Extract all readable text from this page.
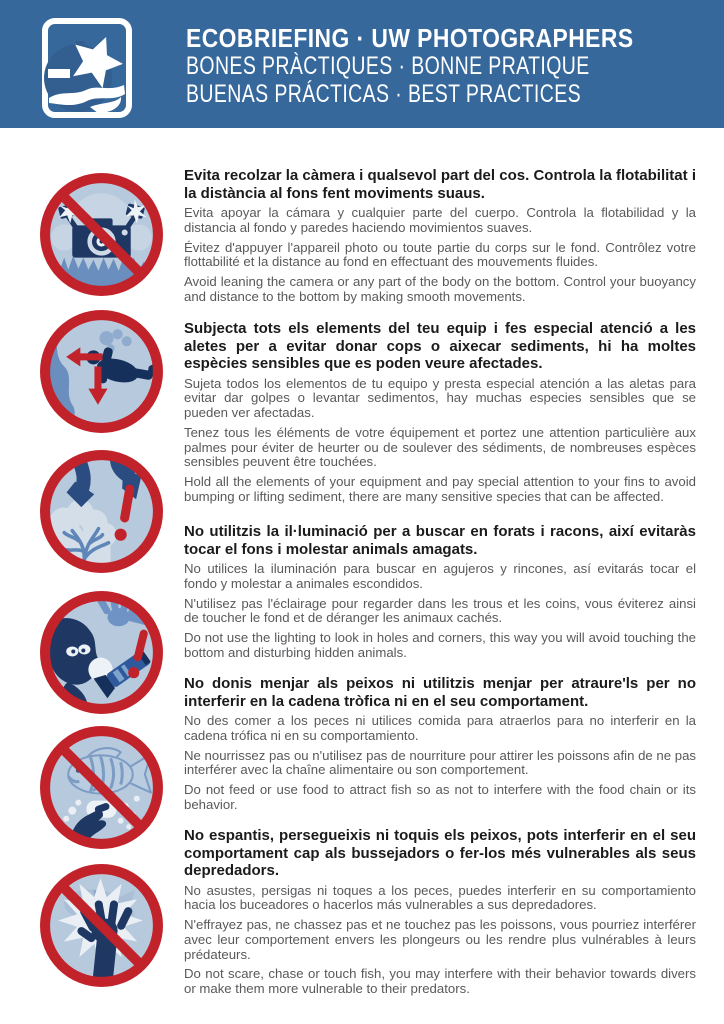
ECOBRIEFING · UW PHOTOGRAPHERS
BONES PRÀCTIQUES · BONNE PRATIQUE
BUENAS PRÁCTICAS · BEST PRACTICES
Evita recolzar la càmera i qualsevol part del cos. Controla la flotabilitat i la distància al fons fent moviments suaus.

Evita apoyar la cámara y cualquier parte del cuerpo. Controla la flotabilidad y la distancia al fondo y paredes haciendo movimientos suaves.

Évitez d'appuyer l'appareil photo ou toute partie du corps sur le fond. Contrôlez votre flottabilité et la distance au fond en effectuant des mouvements fluides.

Avoid leaning the camera or any part of the body on the bottom. Control your buoyancy and distance to the bottom by making smooth movements.

Subjecta tots els elements del teu equip i fes especial atenció a les aletes per a evitar donar cops o aixecar sediments, hi ha moltes espècies sensibles que es poden veure afectades.

Sujeta todos los elementos de tu equipo y presta especial atención a las aletas para evitar dar golpes o levantar sedimentos, hay muchas especies sensibles que se pueden ver afectadas.

Tenez tous les éléments de votre équipement et portez une attention particulière aux palmes pour éviter de heurter ou de soulever des sédiments, de nombreuses espèces sensibles peuvent être touchées.

Hold all the elements of your equipment and pay special attention to your fins to avoid bumping or lifting sediment, there are many sensitive species that can be affected.

No utilitzis la il·luminació per a buscar en forats i racons, així evitaràs tocar el fons i molestar animals amagats.

No utilices la iluminación para buscar en agujeros y rincones, así evitarás tocar el fondo y molestar a animales escondidos.

N'utilisez pas l'éclairage pour regarder dans les trous et les coins, vous éviterez ainsi de toucher le fond et de déranger les animaux cachés.

Do not use the lighting to look in holes and corners, this way you will avoid touching the bottom and disturbing hidden animals.

No donis menjar als peixos ni utilitzis menjar per atraure'ls per no interferir en la cadena tròfica ni en el seu comportament.

No des comer a los peces ni utilices comida para atraerlos para no interferir en la cadena trófica ni en su comportamiento.

Ne nourrissez pas ou n'utilisez pas de nourriture pour attirer les poissons afin de ne pas interférer avec la chaîne alimentaire ou son comportement.

Do not feed or use food to attract fish so as not to interfere with the food chain or its behavior.

No espantis, persegueixis ni toquis els peixos, pots interferir en el seu comportament cap als bussejadors o fer-los més vulnerables als seus depredadors.

No asustes, persigas ni toques a los peces, puedes interferir en su comportamiento hacia los buceadores o hacerlos más vulnerables a sus depredadores.

N'effrayez pas, ne chassez pas et ne touchez pas les poissons, vous pourriez interférer avec leur comportement envers les plongeurs ou les rendre plus vulnérables à leurs prédateurs.

Do not scare, chase or touch fish, you may interfere with their behavior towards divers or make them more vulnerable to their predators.
